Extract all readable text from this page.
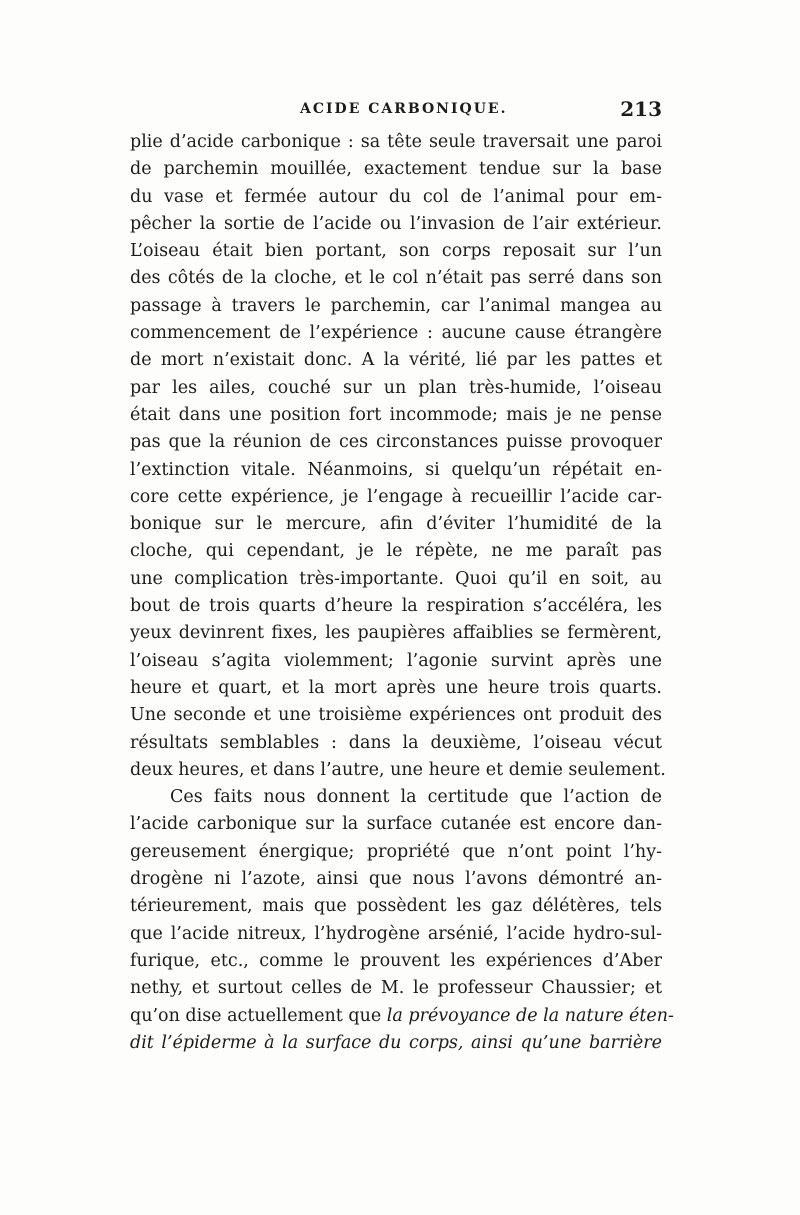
ACIDE CARBONIQUE.	213
plie d’acide carbonique : sa tête seule traversait une paroi
de parchemin mouillée, exactement tendue sur la base
du vase et fermée autour du col de l’animal pour em-
pêcher la sortie de l’acide ou l’invasion de l’air extérieur.
L’oiseau était bien portant, son corps reposait sur l’un
des côtés de la cloche, et le col n’était pas serré dans son
passage à travers le parchemin, car l’animal mangea au
commencement de l’expérience : aucune cause étrangère
de mort n’existait donc. A la vérité, lié par les pattes et
par les ailes, couché sur un plan très-humide, l’oiseau
était dans une position fort incommode; mais je ne pense
pas que la réunion de ces circonstances puisse provoquer
l’extinction vitale. Néanmoins, si quelqu’un répétait en-
core cette expérience, je l’engage à recueillir l’acide car-
bonique sur le mercure, afin d’éviter l’humidité de la
cloche, qui cependant, je le répète, ne me paraît pas
une complication très-importante. Quoi qu’il en soit, au
bout de trois quarts d’heure la respiration s’accéléra, les
yeux devinrent fixes, les paupières affaiblies se fermèrent,
l’oiseau s’agita violemment; l’agonie survint après une
heure et quart, et la mort après une heure trois quarts.
Une seconde et une troisième expériences ont produit des
résultats semblables : dans la deuxième, l’oiseau vécut
deux heures, et dans l’autre, une heure et demie seulement.
Ces faits nous donnent la certitude que l’action de
l’acide carbonique sur la surface cutanée est encore dan-
gereusement énergique; propriété que n’ont point l’hy-
drogène ni l’azote, ainsi que nous l’avons démontré an-
térieurement, mais que possèdent les gaz délétères, tels
que l’acide nitreux, l’hydrogène arsénié, l’acide hydro-sul-
furique, etc., comme le prouvent les expériences d’Aber
nethy, et surtout celles de M. le professeur Chaussier; et
qu’on dise actuellement que la prévoyance de la nature éten-
dit l’épiderme à la surface du corps, ainsi qu’une barrière
